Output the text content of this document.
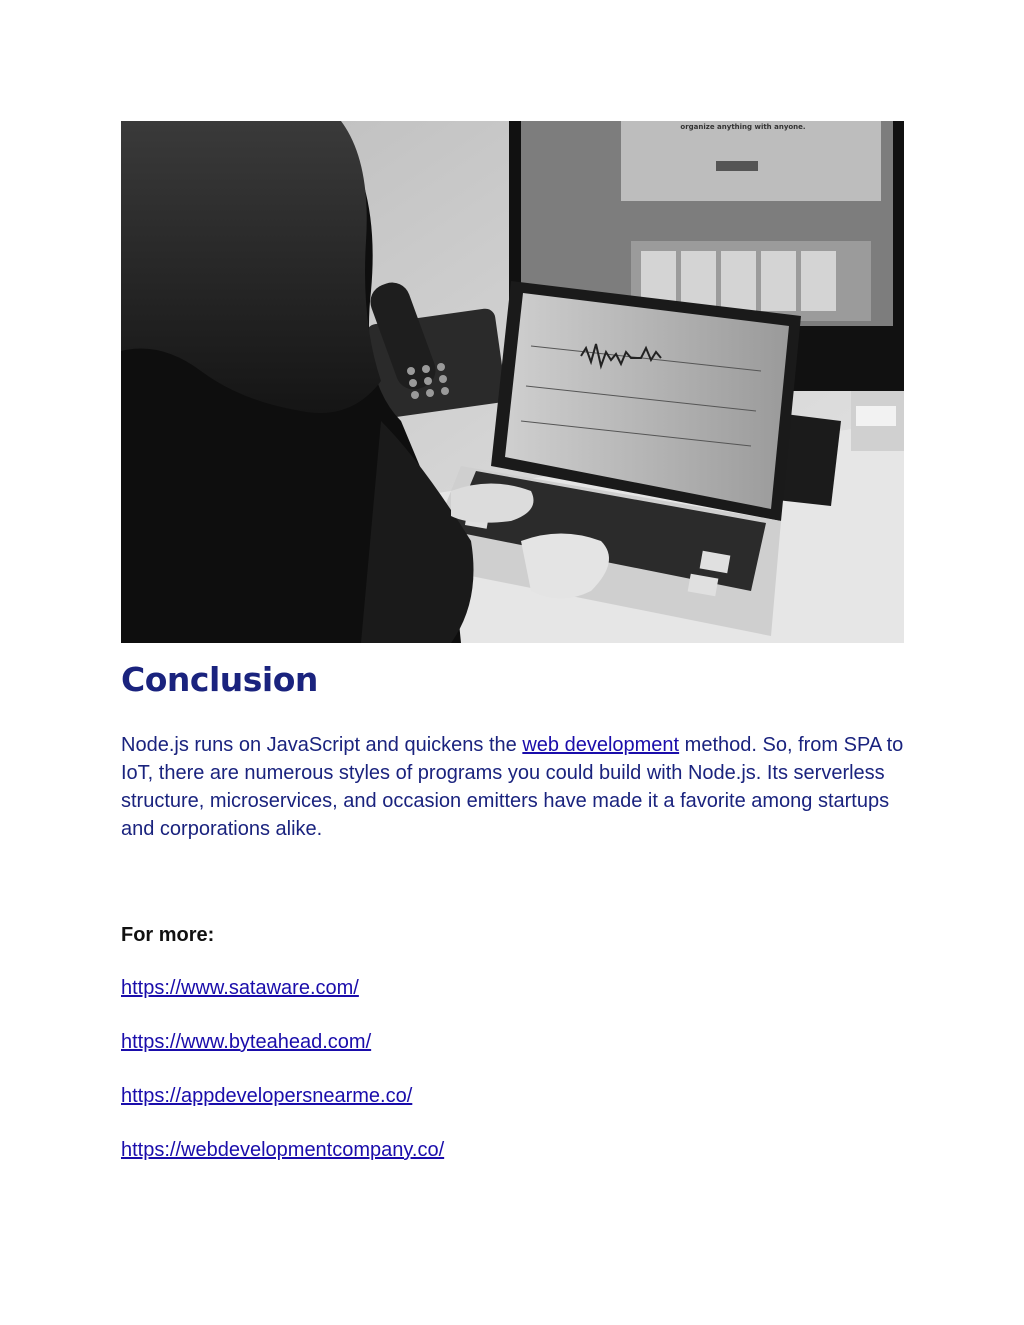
organize anything with anyone.
Conclusion

Node.js runs on JavaScript and quickens the web development method. So, from SPA to IoT, there are numerous styles of programs you could build with Node.js. Its serverless structure, microservices, and occasion emitters have made it a favorite among startups and corporations alike.

For more:

https://www.sataware.com/
https://www.byteahead.com/
https://appdevelopersnearme.co/
https://webdevelopmentcompany.co/
